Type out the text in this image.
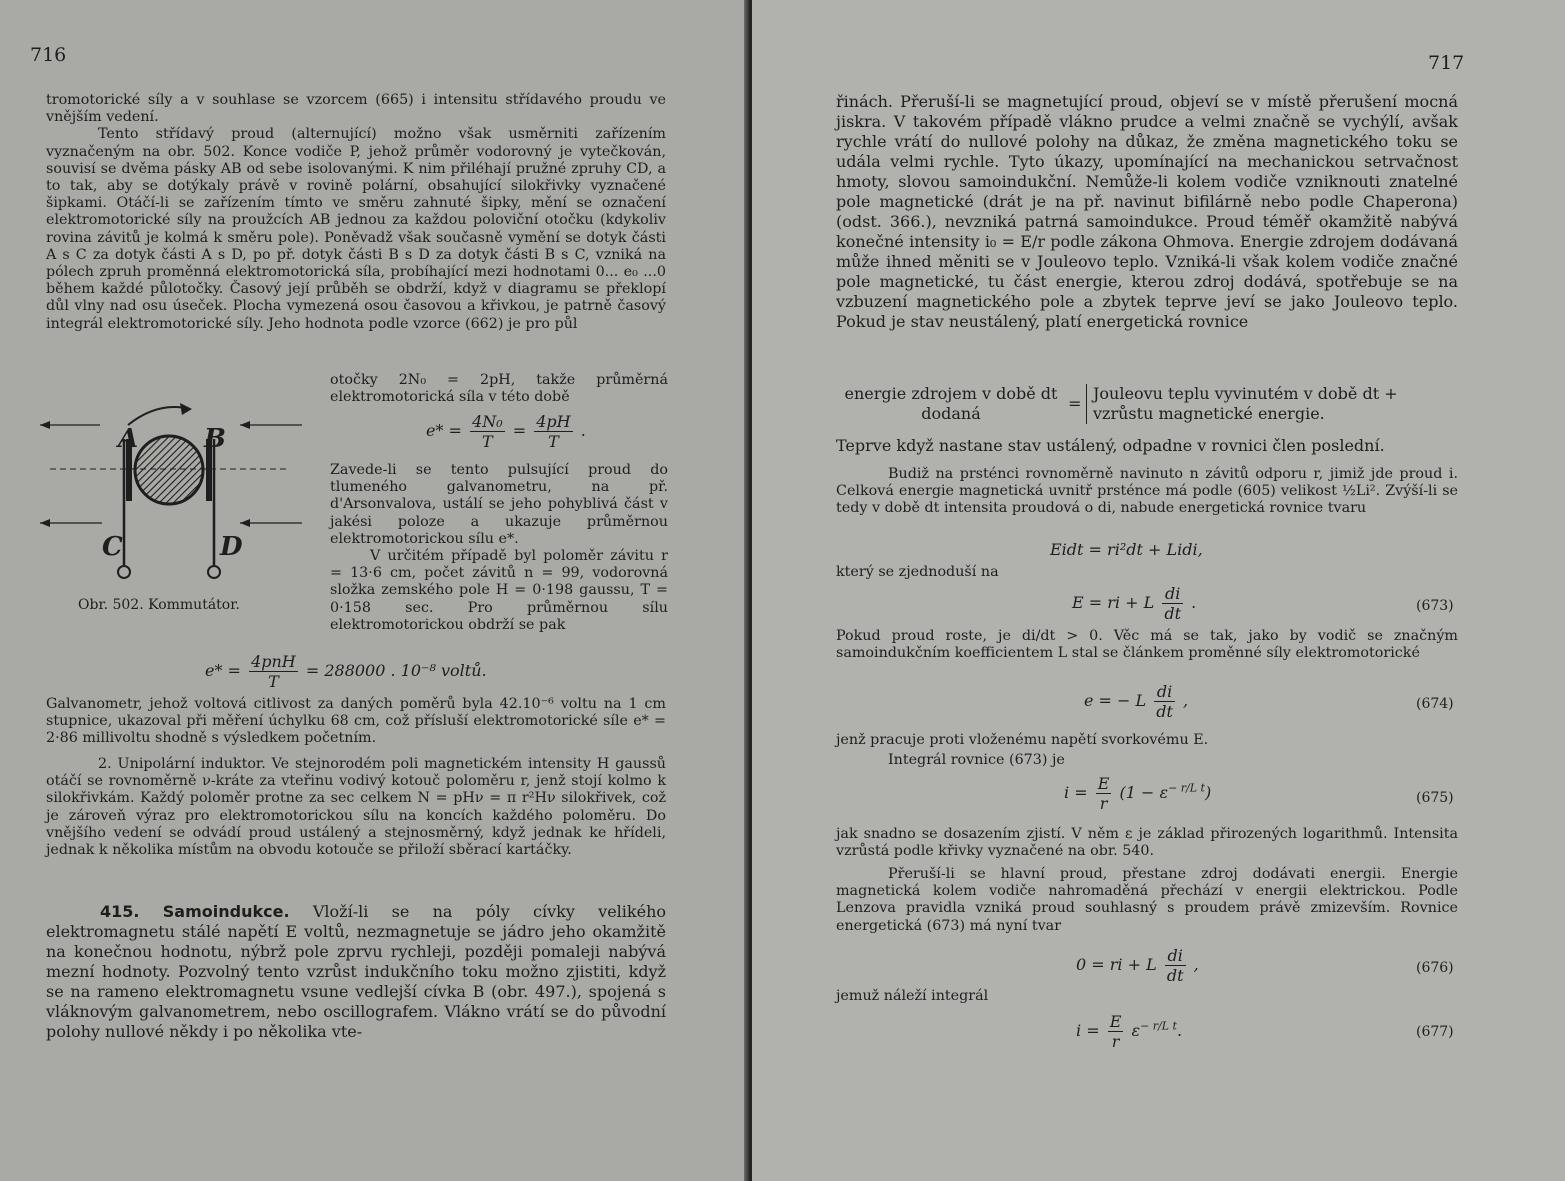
716

tromotorické síly a v souhlase se vzorcem (665) i intensitu střídavého proudu ve vnějším vedení.

Tento střídavý proud (alternující) možno však usměrniti zařízením vyznačeným na obr. 502. Konce vodiče P, jehož průměr vodorovný je vytečkován, souvisí se dvěma pásky AB od sebe isolovanými. K nim přiléhají pružné zpruhy CD, a to tak, aby se dotýkaly právě v rovině polární, obsahující silokřivky vyznačené šipkami. Otáčí-li se zařízením tímto ve směru zahnuté šipky, mění se označení elektromotorické síly na proužcích AB jednou za každou poloviční otočku (kdykoliv rovina závitů je kolmá k směru pole). Poněvadž však současně vymění se dotyk části A s C za dotyk části A s D, po př. dotyk části B s D za dotyk části B s C, vzniká na pólech zpruh proměnná elektromotorická síla, probíhající mezi hodnotami 0... e₀ ...0 během každé půlotočky. Časový její průběh se obdrží, když v diagramu se překlopí důl vlny nad osu úseček. Plocha vymezená osou časovou a křivkou, je patrně časový integrál elektromotorické síly. Jeho hodnota podle vzorce (662) je pro půl

otočky 2N₀ = 2pH, takže průměrná elektromotorická síla v této době
$e* = \frac{\text{4N₀}}{T} = \frac{4pH}{T}$ .
Zavede-li se tento pulsující proud do tlumeného galvanometru, na př. d'Arsonvalova, ustálí se jeho pohyblivá část v jakési poloze a ukazuje průměrnou elektromotorickou sílu e*.
V určitém případě byl poloměr závitu r = 13·6 cm, počet závitů n = 99, vodorovná složka zemského pole H = 0·198 gaussu, T = 0·158 sec. Pro průměrnou sílu elektromotorickou obdrží se pak
A	B
C	D
Obr. 502. Kommutátor.
$e* = \frac{\text{4pnH}}{T} = 288000$ . 10⁻⁸ voltů.
Galvanometr, jehož voltová citlivost za daných poměrů byla 42.10⁻⁶ voltu na 1 cm stupnice, ukazoval při měření úchylku 68 cm, což přísluší elektromotorické síle e* = 2·86 millivoltu shodně s výsledkem početním.
2. Unipolární induktor. Ve stejnorodém poli magnetickém intensity H gaussů otáčí se rovnoměrně ν-kráte za vteřinu vodivý kotouč poloměru r, jenž stojí kolmo k silokřivkám. Každý poloměr protne za sec celkem N = pHν = π r²Hν silokřivek, což je zároveň výraz pro elektromotorickou sílu na koncích každého poloměru. Do vnějšího vedení se odvádí proud ustálený a stejnosměrný, když jednak ke hřídeli, jednak k několika místům na obvodu kotouče se přiloží sběrací kartáčky.

415. Samoindukce. Vloží-li se na póly cívky velikého elektromagnetu stálé napětí E voltů, nezmagnetuje se jádro jeho okamžitě na konečnou hodnotu, nýbrž pole zprvu rychleji, později pomaleji nabývá mezní hodnoty. Pozvolný tento vzrůst indukčního toku možno zjistiti, když se na rameno elektromagnetu vsune vedlejší cívka B (obr. 497.), spojená s vláknovým galvanometrem, nebo oscillografem. Vlákno vrátí se do původní polohy nullové někdy i po několika vte-

717
řinách. Přeruší-li se magnetující proud, objeví se v místě přerušení mocná jiskra. V takovém případě vlákno prudce a velmi značně se vychýlí, avšak rychle vrátí do nullové polohy na důkaz, že změna magnetického toku se udála velmi rychle. Tyto úkazy, upomínající na mechanickou setrvačnost hmoty, slovou samoindukční. Nemůže-li kolem vodiče vzniknouti znatelné pole magnetické (drát je na př. navinut bifilárně nebo podle Chaperona) (odst. 366.), nevzniká patrná samoindukce. Proud téměř okamžitě nabývá konečné intensity i₀ = E/r podle zákona Ohmova. Energie zdrojem dodávaná může ihned měniti se v Jouleovo teplo. Vzniká-li však kolem vodiče značné pole magnetické, tu část energie, kterou zdroj dodává, spotřebuje se na vzbuzení magnetického pole a zbytek teprve jeví se jako Jouleovo teplo. Pokud je stav neustálený, platí energetická rovnice
energie zdrojem v době dt
dodaná
=
Jouleovu teplu vyvinutém v době dt +
vzrůstu magnetické energie.
Teprve když nastane stav ustálený, odpadne v rovnici člen poslední.
Budiž na prsténci rovnoměrně navinuto n závitů odporu r, jimiž jde proud i. Celková energie magnetická uvnitř prsténce má podle (605) velikost ½Li². Zvýší-li se tedy v době dt intensita proudová o di, nabude energetická rovnice tvaru
Eidt = ri²dt + Lidi,
který se zjednoduší na
E = ri + L $\frac{di}{dt}$ .	(673)
Pokud proud roste, je di/dt > 0. Věc má se tak, jako by vodič se značným samoindukčním koefficientem L stal se článkem proměnné síly elektromotorické
e = − L $\frac{di}{dt}$ ,	(674)
jenž pracuje proti vloženému napětí svorkovému E.
Integrál rovnice (673) je
$i = \frac{E}{r} (1 - \varepsilon^{- r/L t})$	(675)
jak snadno se dosazením zjistí. V něm ε je základ přirozených logarithmů. Intensita vzrůstá podle křivky vyznačené na obr. 540.
Přeruší-li se hlavní proud, přestane zdroj dodávati energii. Energie magnetická kolem vodiče nahromaděná přechází v energii elektrickou. Podle Lenzova pravidla vzniká proud souhlasný s proudem právě zmizevším. Rovnice energetická (673) má nyní tvar
0 = ri + L $\frac{di}{dt}$ ,	(676)
jemuž náleží integrál
$i = \frac{E}{r} \varepsilon^{- r/L t}$.	(677)
